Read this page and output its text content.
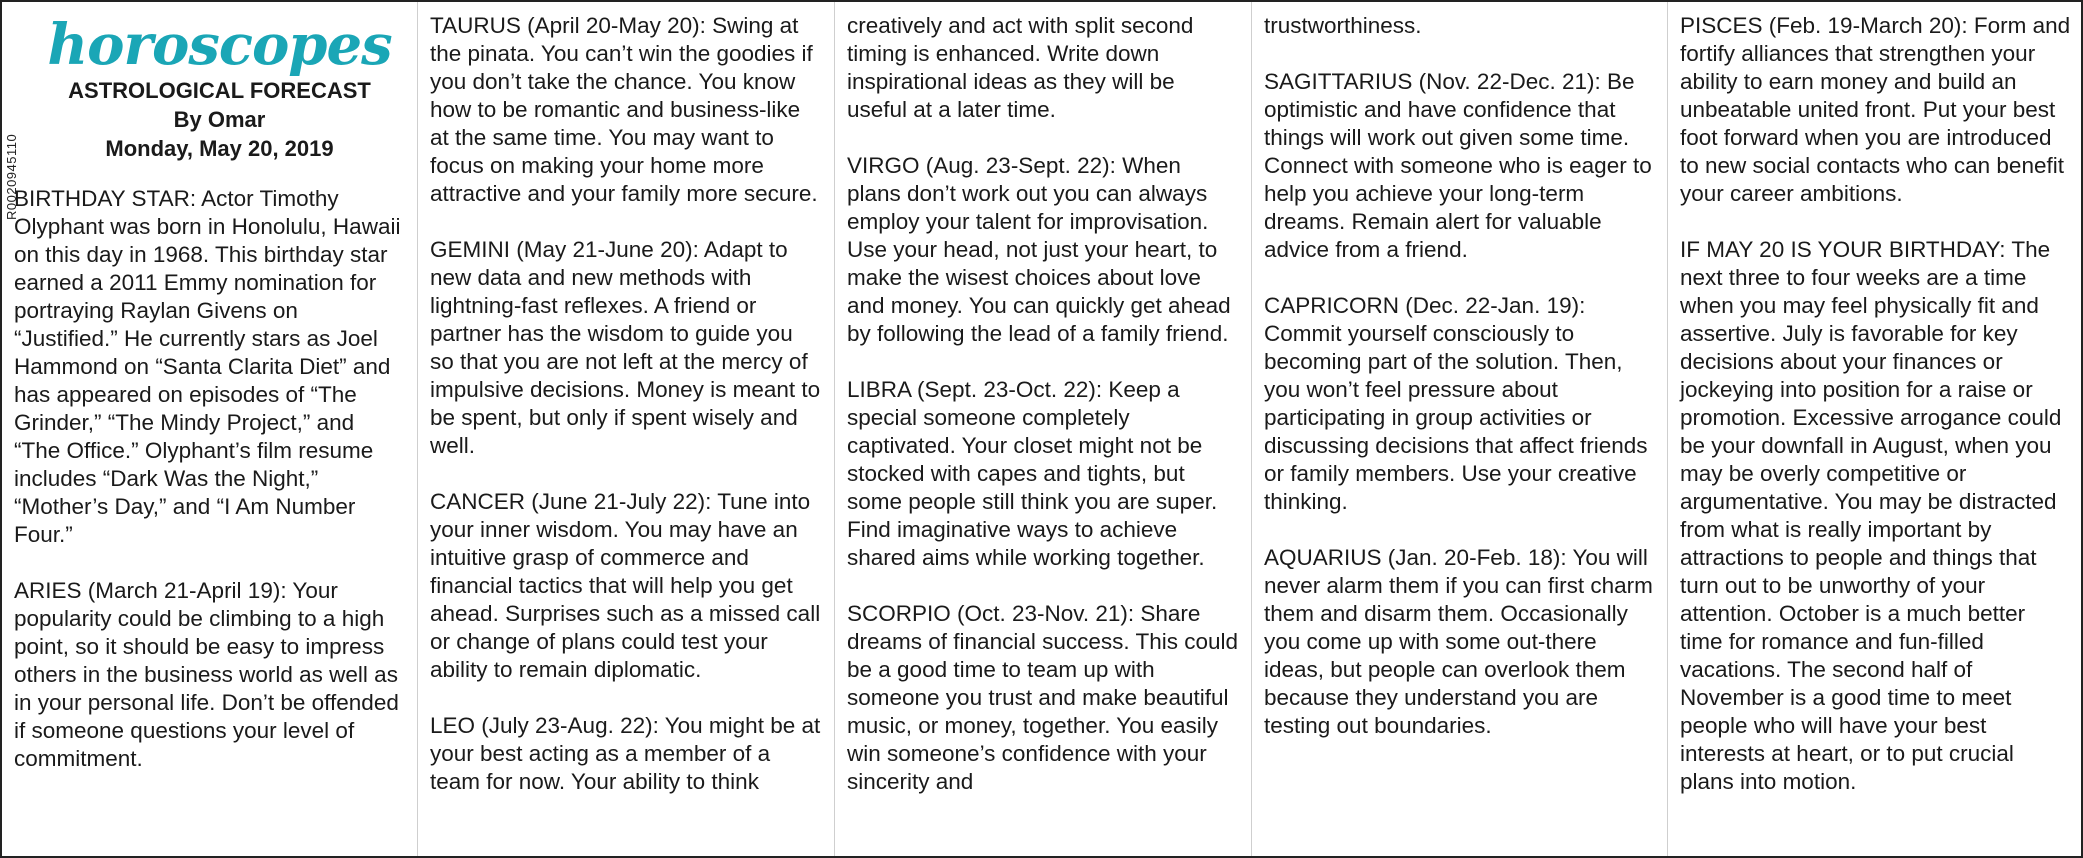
R0020945110
horoscopes
ASTROLOGICAL FORECAST
By Omar
Monday, May 20, 2019

BIRTHDAY STAR: Actor Timothy Olyphant was born in Honolulu, Hawaii on this day in 1968. This birthday star earned a 2011 Emmy nomination for portraying Raylan Givens on “Justified.” He currently stars as Joel Hammond on “Santa Clarita Diet” and has appeared on episodes of “The Grinder,” “The Mindy Project,” and “The Office.” Olyphant’s film resume includes “Dark Was the Night,” “Mother’s Day,” and “I Am Number Four.”

ARIES (March 21-April 19): Your popularity could be climbing to a high point, so it should be easy to impress others in the business world as well as in your personal life. Don’t be offended if someone questions your level of commitment.

TAURUS (April 20-May 20): Swing at the pinata. You can’t win the goodies if you don’t take the chance. You know how to be romantic and business-like at the same time. You may want to focus on making your home more attractive and your family more secure.

GEMINI (May 21-June 20): Adapt to new data and new methods with lightning-fast reflexes. A friend or partner has the wisdom to guide you so that you are not left at the mercy of impulsive decisions. Money is meant to be spent, but only if spent wisely and well.

CANCER (June 21-July 22): Tune into your inner wisdom. You may have an intuitive grasp of commerce and financial tactics that will help you get ahead. Surprises such as a missed call or change of plans could test your ability to remain diplomatic.

LEO (July 23-Aug. 22): You might be at your best acting as a member of a team for now. Your ability to think

creatively and act with split second timing is enhanced. Write down inspirational ideas as they will be useful at a later time.

VIRGO (Aug. 23-Sept. 22): When plans don’t work out you can always employ your talent for improvisation. Use your head, not just your heart, to make the wisest choices about love and money. You can quickly get ahead by following the lead of a family friend.

LIBRA (Sept. 23-Oct. 22): Keep a special someone completely captivated. Your closet might not be stocked with capes and tights, but some people still think you are super. Find imaginative ways to achieve shared aims while working together.

SCORPIO (Oct. 23-Nov. 21): Share dreams of financial success. This could be a good time to team up with someone you trust and make beautiful music, or money, together. You easily win someone’s confidence with your sincerity and

trustworthiness.

SAGITTARIUS (Nov. 22-Dec. 21): Be optimistic and have confidence that things will work out given some time. Connect with someone who is eager to help you achieve your long-term dreams. Remain alert for valuable advice from a friend.

CAPRICORN (Dec. 22-Jan. 19): Commit yourself consciously to becoming part of the solution. Then, you won’t feel pressure about participating in group activities or discussing decisions that affect friends or family members. Use your creative thinking.

AQUARIUS (Jan. 20-Feb. 18): You will never alarm them if you can first charm them and disarm them. Occasionally you come up with some out-there ideas, but people can overlook them because they understand you are testing out boundaries.

PISCES (Feb. 19-March 20): Form and fortify alliances that strengthen your ability to earn money and build an unbeatable united front. Put your best foot forward when you are introduced to new social contacts who can benefit your career ambitions.

IF MAY 20 IS YOUR BIRTHDAY: The next three to four weeks are a time when you may feel physically fit and assertive. July is favorable for key decisions about your finances or jockeying into position for a raise or promotion. Excessive arrogance could be your downfall in August, when you may be overly competitive or argumentative. You may be distracted from what is really important by attractions to people and things that turn out to be unworthy of your attention. October is a much better time for romance and fun-filled vacations. The second half of November is a good time to meet people who will have your best interests at heart, or to put crucial plans into motion.
